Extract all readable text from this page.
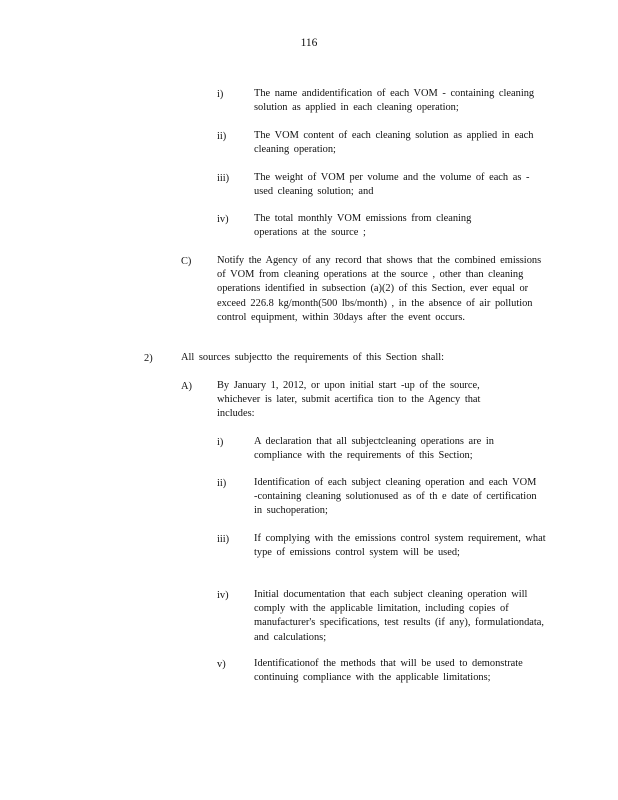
116
i)	The name andidentification of each VOM - containing cleaning solution as applied in each cleaning operation;
ii)	The VOM content of each cleaning solution as applied in each cleaning operation;
iii) The weight of VOM per volume and the volume of each as - used cleaning solution; and
iv) The total monthly VOM emissions from cleaning operations at the source ;
C) Notify the Agency of any record that shows that the combined emissions of VOM from cleaning operations at the source , other than cleaning operations identified in subsection (a)(2) of this Section, ever equal or exceed 226.8 kg/month(500 lbs/month) , in the absence of air pollution control equipment, within 30days after the event occurs.
2)	All sources subjectto the requirements of this Section shall:
A) By January 1, 2012, or upon initial start -up of the source, whichever is later, submit acertifica tion to the Agency that includes:
i)	A declaration that all subjectcleaning operations are in compliance with the requirements of this Section;
ii)	Identification of each subject cleaning operation and each VOM -containing cleaning solutionused as of th e date of certification in suchoperation;
iii) If complying with the emissions control system requirement, what type of emissions control system will be used;
iv) Initial documentation that each subject cleaning operation will comply with the applicable limitation, including copies of manufacturer's specifications, test results (if any), formulationdata, and calculations;
v)	Identificationof the methods that will be used to demonstrate continuing compliance with the applicable limitations;
